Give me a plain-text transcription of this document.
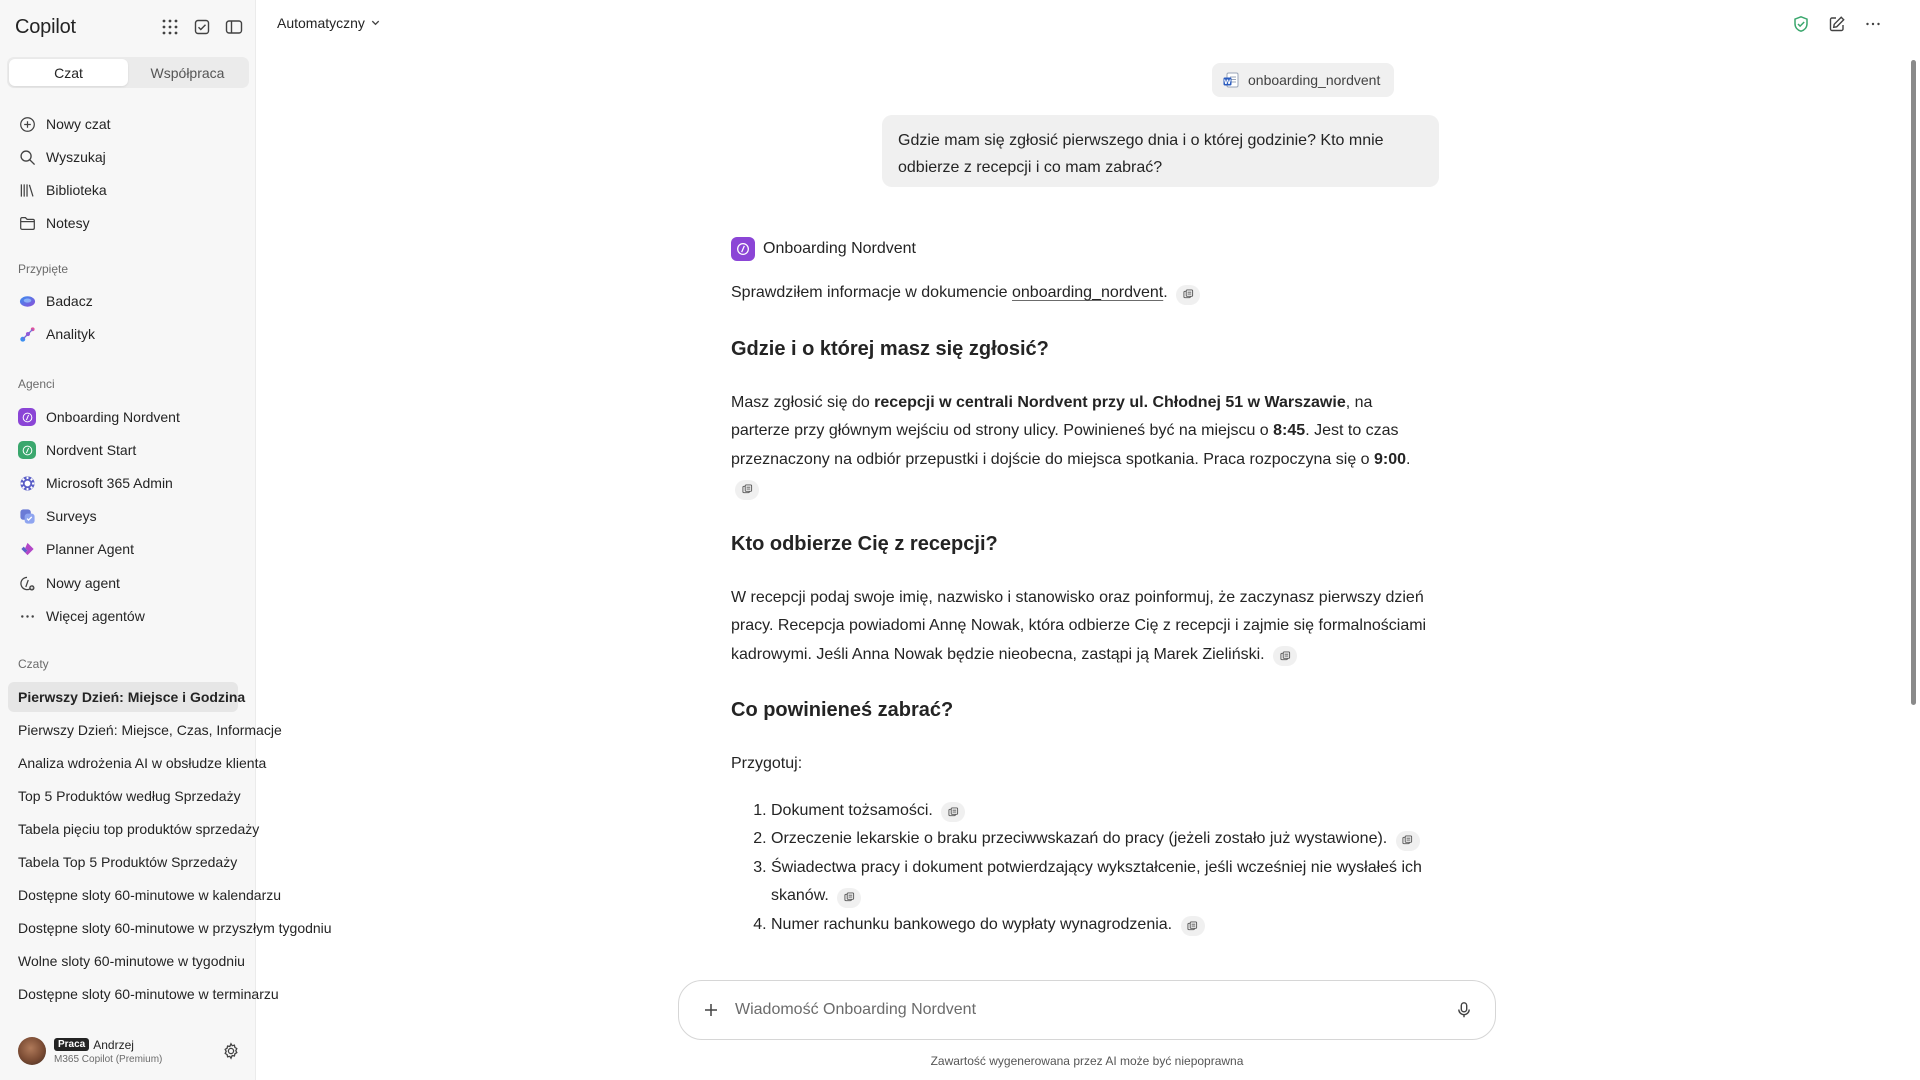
Copilot
Czat	Współpraca
Nowy czat
Wyszukaj
Biblioteka
Notesy
Przypięte
Badacz
Analityk
Agenci
Onboarding Nordvent
Nordvent Start
Microsoft 365 Admin
Surveys
Planner Agent
Nowy agent
Więcej agentów
Czaty
Pierwszy Dzień: Miejsce i Godzina
Pierwszy Dzień: Miejsce, Czas, Informacje
Analiza wdrożenia AI w obsłudze klienta
Top 5 Produktów według Sprzedaży
Tabela pięciu top produktów sprzedaży
Tabela Top 5 Produktów Sprzedaży
Dostępne sloty 60-minutowe w kalendarzu
Dostępne sloty 60-minutowe w przyszłym tygodniu
Wolne sloty 60-minutowe w tygodniu
Dostępne sloty 60-minutowe w terminarzu
Praca Andrzej
M365 Copilot (Premium)
Automatyczny
W onboarding_nordvent
Gdzie mam się zgłosić pierwszego dnia i o której godzinie? Kto mnie odbierze z recepcji i co mam zabrać?
Onboarding Nordvent

Sprawdziłem informacje w dokumencie onboarding_nordvent.

Gdzie i o której masz się zgłosić?

Masz zgłosić się do recepcji w centrali Nordvent przy ul. Chłodnej 51 w Warszawie, na parterze przy głównym wejściu od strony ulicy. Powinieneś być na miejscu o 8:45. Jest to czas przeznaczony na odbiór przepustki i dojście do miejsca spotkania. Praca rozpoczyna się o 9:00.

Kto odbierze Cię z recepcji?

W recepcji podaj swoje imię, nazwisko i stanowisko oraz poinformuj, że zaczynasz pierwszy dzień pracy. Recepcja powiadomi Annę Nowak, która odbierze Cię z recepcji i zajmie się formalnościami kadrowymi. Jeśli Anna Nowak będzie nieobecna, zastąpi ją Marek Zieliński.

Co powinieneś zabrać?

Przygotuj:

1. Dokument tożsamości.
2. Orzeczenie lekarskie o braku przeciwwskazań do pracy (jeżeli zostało już wystawione).
3. Świadectwa pracy i dokument potwierdzający wykształcenie, jeśli wcześniej nie wysłałeś ich skanów.
4. Numer rachunku bankowego do wypłaty wynagrodzenia.
Wiadomość Onboarding Nordvent
Zawartość wygenerowana przez AI może być niepoprawna
